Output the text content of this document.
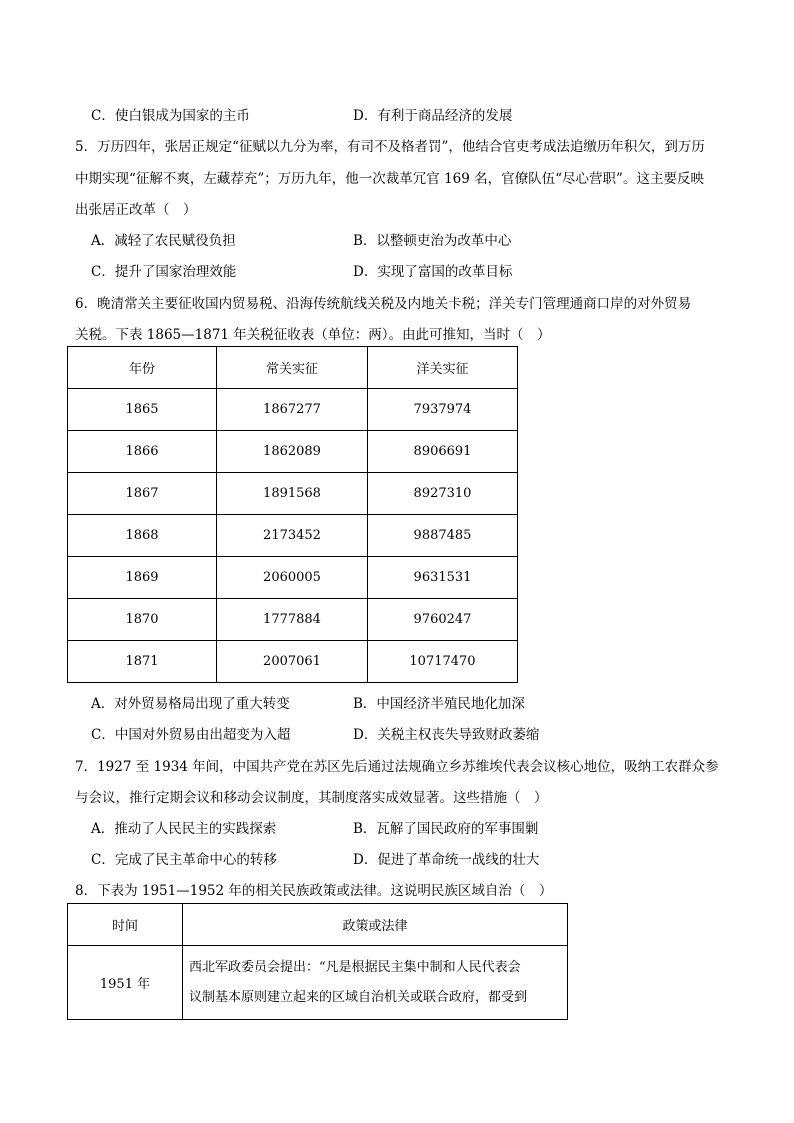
C．使白银成为国家的主币	D．有利于商品经济的发展
5．万历四年，张居正规定“征赋以九分为率，有司不及格者罚”，他结合官吏考成法追缴历年积欠，到万历
中期实现“征解不爽，左藏荐充”；万历九年，他一次裁革冗官 169 名，官僚队伍“尽心营职”。这主要反映
出张居正改革（　）
A．减轻了农民赋役负担	B．以整顿吏治为改革中心
C．提升了国家治理效能	D．实现了富国的改革目标
6．晚清常关主要征收国内贸易税、沿海传统航线关税及内地关卡税；洋关专门管理通商口岸的对外贸易
关税。下表 1865—1871 年关税征收表（单位：两）。由此可推知，当时（　）
年份	常关实征	洋关实征
1865	1867277	7937974
1866	1862089	8906691
1867	1891568	8927310
1868	2173452	9887485
1869	2060005	9631531
1870	1777884	9760247
1871	2007061	10717470
A．对外贸易格局出现了重大转变	B．中国经济半殖民地化加深
C．中国对外贸易由出超变为入超	D．关税主权丧失导致财政萎缩
7．1927 至 1934 年间，中国共产党在苏区先后通过法规确立乡苏维埃代表会议核心地位，吸纳工农群众参
与会议，推行定期会议和移动会议制度，其制度落实成效显著。这些措施（　）
A．推动了人民民主的实践探索	B．瓦解了国民政府的军事围剿
C．完成了民主革命中心的转移	D．促进了革命统一战线的壮大
8．下表为 1951—1952 年的相关民族政策或法律。这说明民族区域自治（　）
时间	政策或法律
1951 年	西北军政委员会提出：“凡是根据民主集中制和人民代表会
议制基本原则建立起来的区域自治机关或联合政府，都受到
